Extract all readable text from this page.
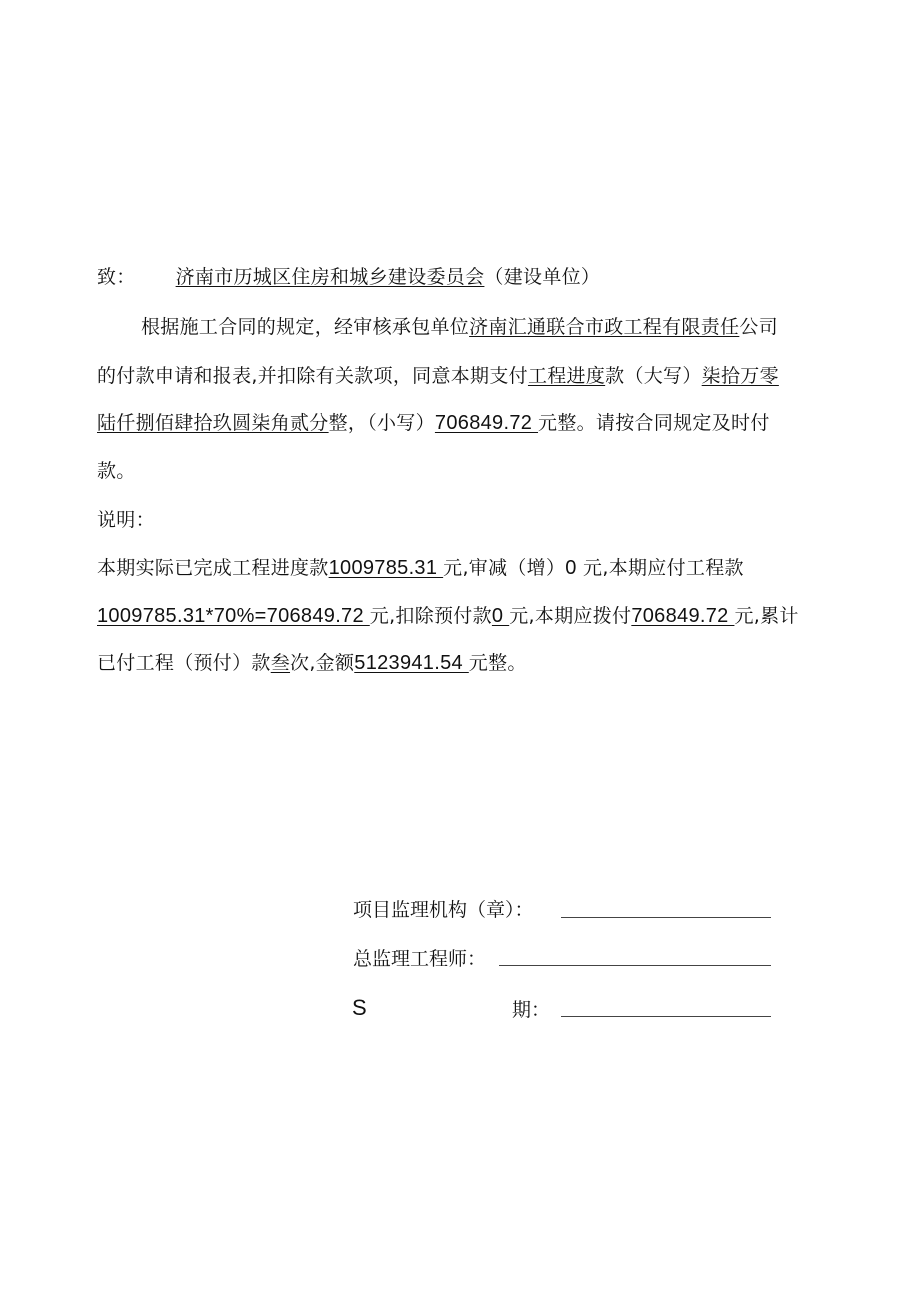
致： 济南市历城区住房和城乡建设委员会（建设单位）
根据施工合同的规定，经审核承包单位济南汇通联合市政工程有限责任公司
的付款申请和报表,并扣除有关款项，同意本期支付工程进度款（大写）柒拾万零
陆仟捌佰肆拾玖圆柒角贰分整，（小写）706849.72 元整。请按合同规定及时付
款。
说明：
本期实际已完成工程进度款1009785.31 元,审减（增）0 元,本期应付工程款
1009785.31*70%=706849.72 元,扣除预付款0 元,本期应拨付706849.72 元,累计
已付工程（预付）款叁次,金额5123941.54 元整。
项目监理机构（章）：
总监理工程师：
S	期：
